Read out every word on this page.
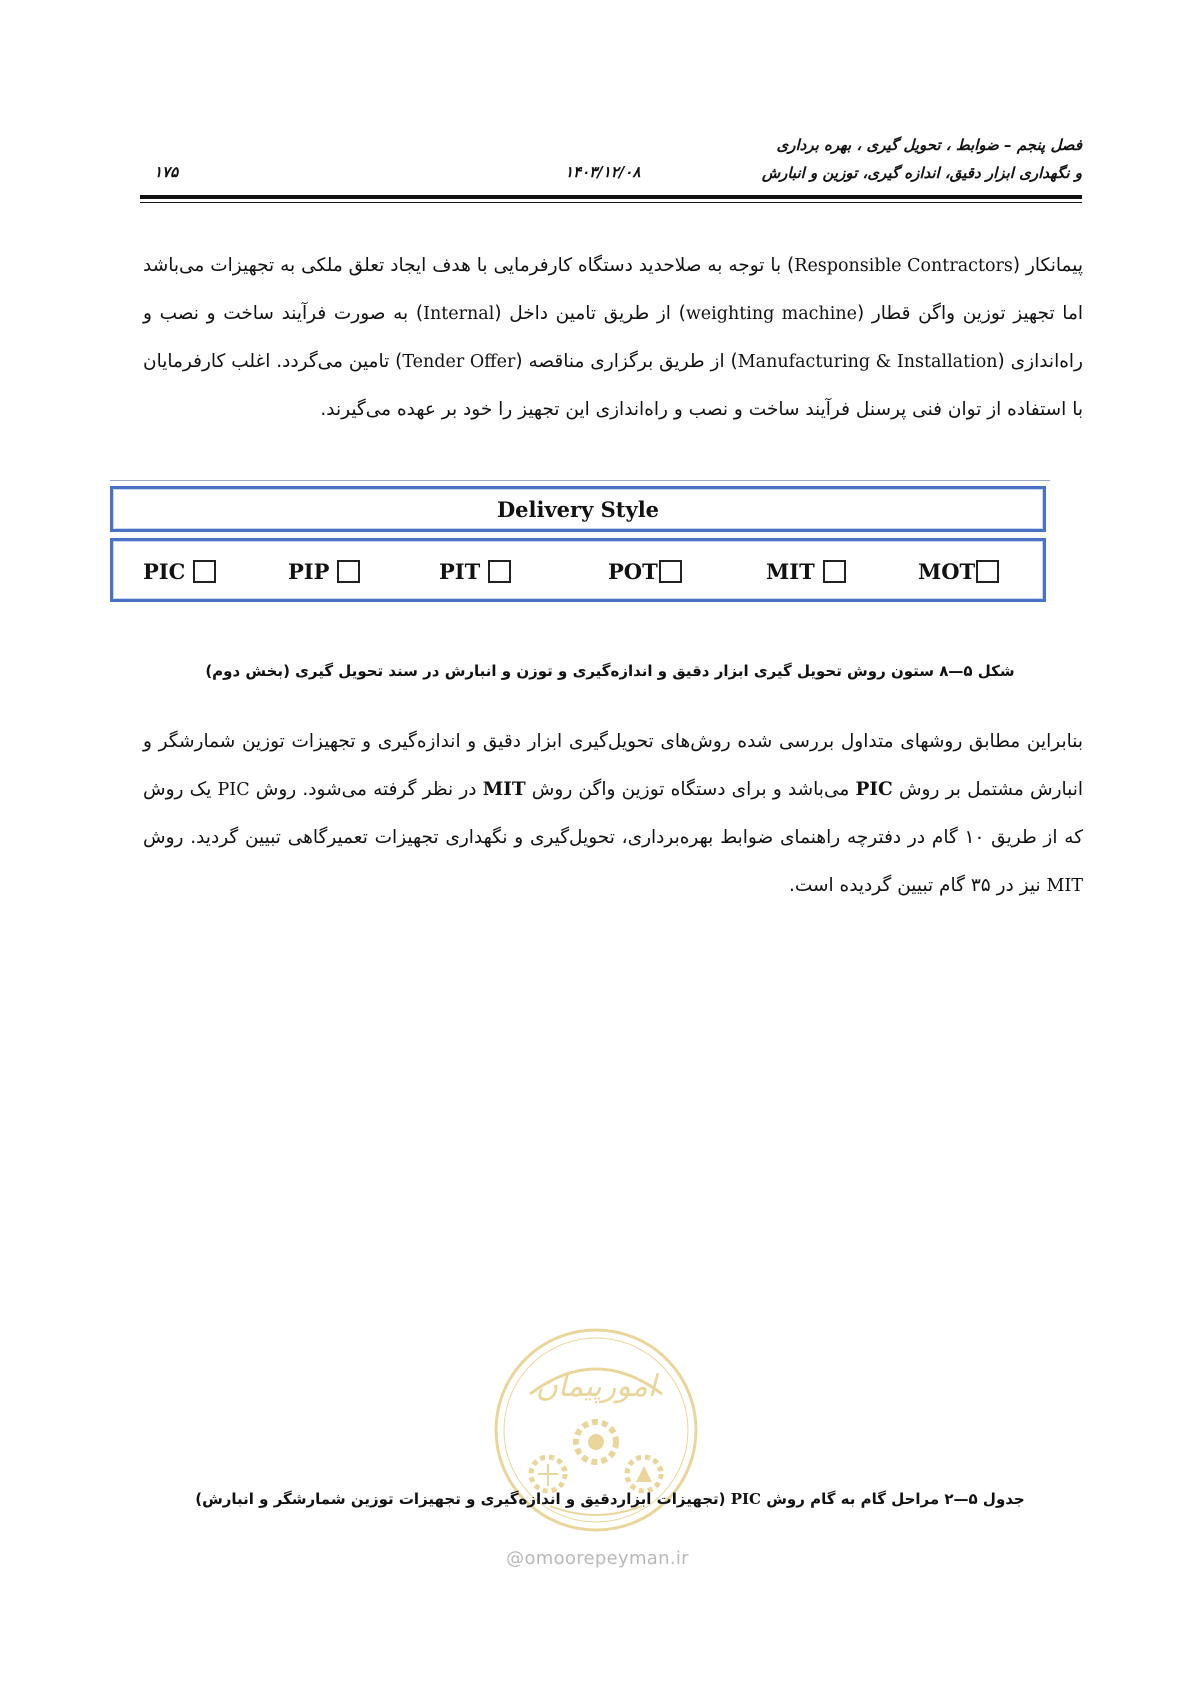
فصل پنجم – ضوابط ، تحویل گیری ، بهره برداری
و نگهداری ابزار دقیق، اندازه گیری، توزین و انبارش
۱۴۰۳/۱۲/۰۸
۱۷۵
پیمانکار (Responsible Contractors) با توجه به صلاحدید دستگاه کارفرمایی با هدف ایجاد تعلق ملکی به تجهیزات می‌باشد اما تجهیز توزین واگن قطار (weighting machine) از طریق تامین داخل (Internal) به صورت فرآیند ساخت و نصب و راه‌اندازی (Manufacturing & Installation) از طریق برگزاری مناقصه (Tender Offer) تامین می‌گردد. اغلب کارفرمایان با استفاده از توان فنی پرسنل فرآیند ساخت و نصب و راه‌اندازی این تجهیز را خود بر عهده می‌گیرند.
Delivery Style
PIC	PIP	PIT	POT	MIT	MOT
شکل ۵—۸ ستون روش تحویل گیری ابزار دقیق و اندازه‌گیری و توزن و انبارش در سند تحویل گیری (بخش دوم)
بنابراین مطابق روشهای متداول بررسی شده روش‌های تحویل‌گیری ابزار دقیق و اندازه‌گیری و تجهیزات توزین شمارشگر و انبارش مشتمل بر روش PIC می‌باشد و برای دستگاه توزین واگن روش MIT در نظر گرفته می‌شود. روش PIC یک روش که از طریق ۱۰ گام در دفترچه راهنمای ضوابط بهره‌برداری، تحویل‌گیری و نگهداری تجهیزات تعمیرگاهی تبیین گردید. روش MIT نیز در ۳۵ گام تبیین گردیده است.
امورپیمان
جدول ۵—۲ مراحل گام به گام روش PIC (تجهیزات ابزاردقیق و اندازه‌گیری و تجهیزات توزین شمارشگر و انبارش)
@omoorepeyman.ir
